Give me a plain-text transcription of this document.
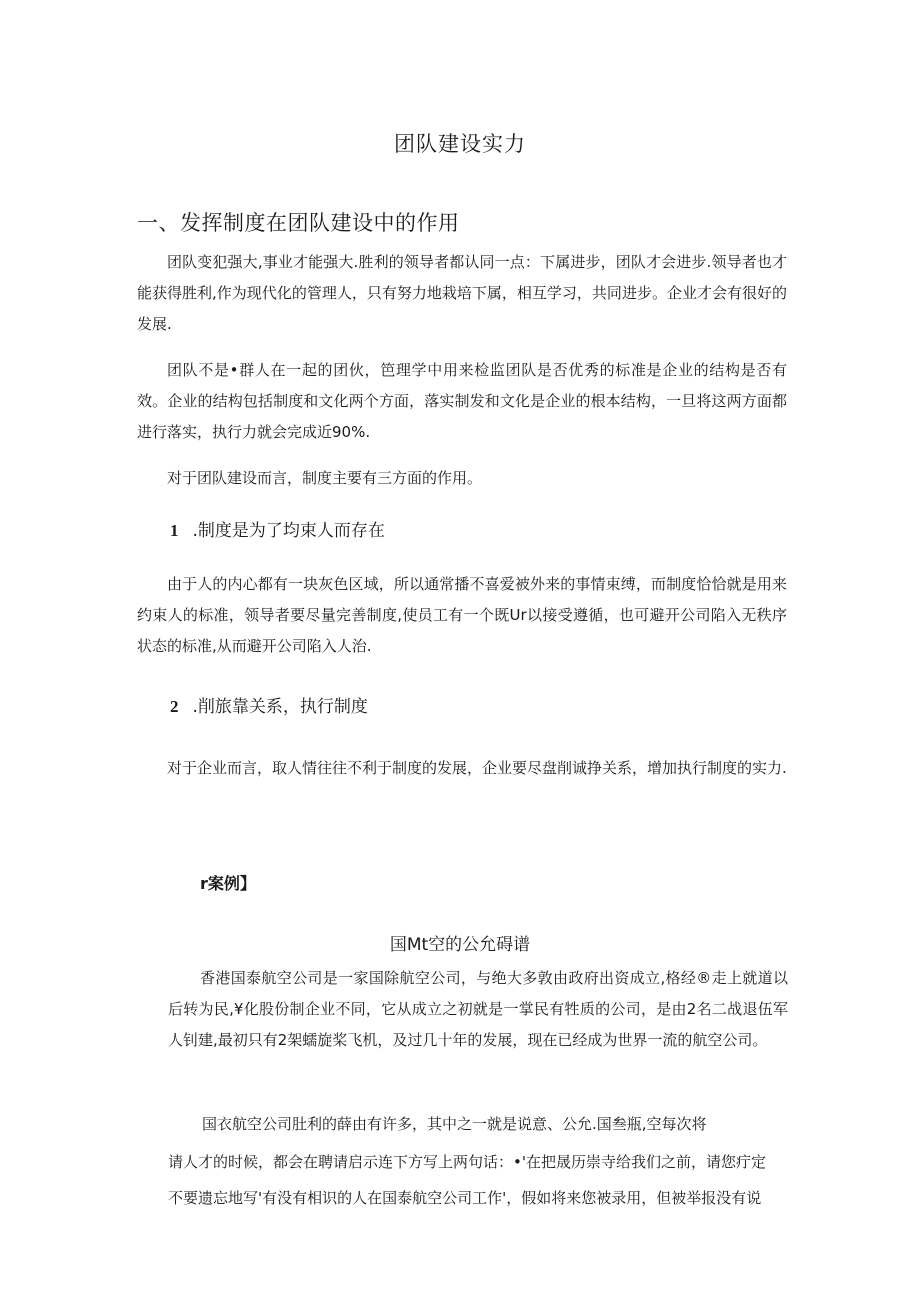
团队建设实力
一、发挥制度在团队建设中的作用
团队变犯强大,事业才能强大.胜利的领导者都认同一点：下属进步，团队才会进步.领导者也才能获得胜利,作为现代化的管理人，只有努力地栽培下属，相互学习，共同进步。企业才会有很好的发展.
团队不是•群人在一起的团伙，笆理学中用来检监团队是否优秀的标准是企业的结构是否有效。企业的结构包括制度和文化两个方面，落实制发和文化是企业的根本结构，一旦将这两方面都进行落实，执行力就会完成近90%.
对于团队建设而言，制度主要有三方面的作用。
1 .制度是为了均束人而存在
由于人的内心都有一块灰色区域，所以通常播不喜爱被外来的事情束缚，而制度恰恰就是用来约束人的标准，领导者要尽量完善制度,使员工有一个既Ur以接受遵循，也可避开公司陷入无秩序状态的标准,从而避开公司陷入人治.
2 .削旅靠关系，执行制度
对于企业而言，取人情往往不利于制度的发展，企业要尽盘削诚挣关系，增加执行制度的实力.
r案例】
国Mt空的公允碍谱
香港国泰航空公司是一家国除航空公司，与绝大多敦由政府出资成立,格经®走上就道以后转为民,¥化股份制企业不同，它从成立之初就是一掌民有牲质的公司，是由2名二战退伍军人钊建,最初只有2架蠕旋桨飞机，及过几十年的发展，现在已经成为世界一流的航空公司。
国衣航空公司肚利的薛由有许多，其中之一就是说意、公允.国叁瓶,空每次将
请人才的时候，都会在聘请启示连下方写上两句话：•'在把晟历崇寺给我们之前，请您疔定
不要遗忘地写'有没有相识的人在国泰航空公司工作'，假如将来您被录用，但被举报没有说
